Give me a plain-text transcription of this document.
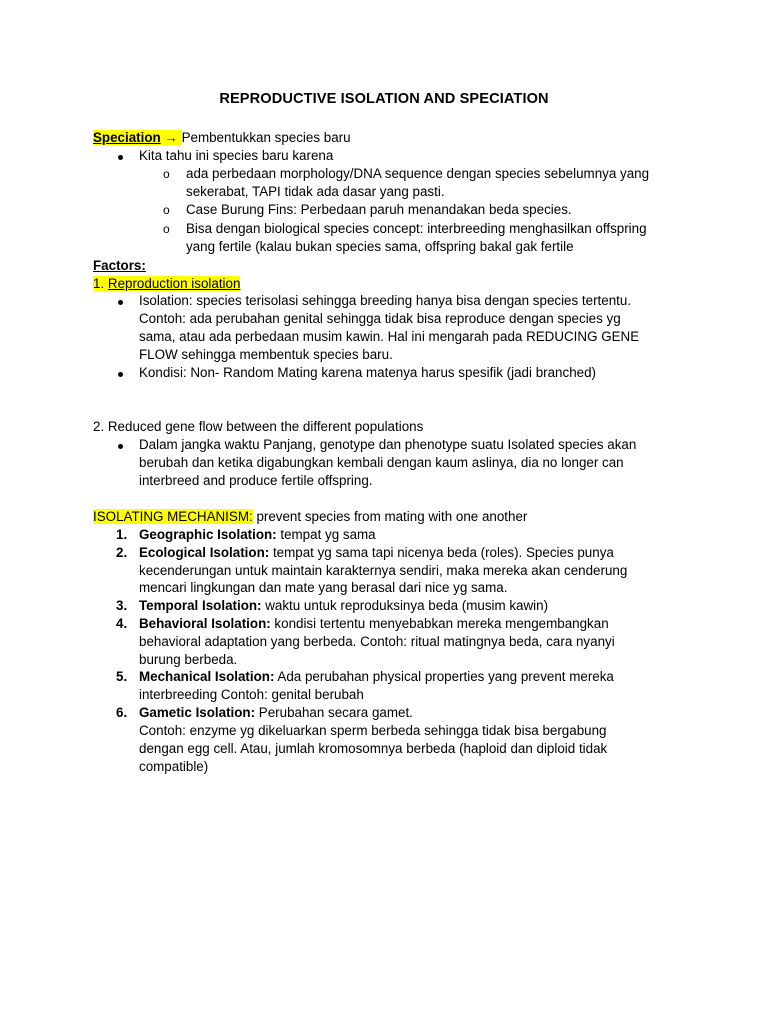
REPRODUCTIVE ISOLATION AND SPECIATION
Speciation → Pembentukkan species baru
Kita tahu ini species baru karena
o ada perbedaan morphology/DNA sequence dengan species sebelumnya yang
sekerabat, TAPI tidak ada dasar yang pasti.
o Case Burung Fins: Perbedaan paruh menandakan beda species.
o Bisa dengan biological species concept: interbreeding menghasilkan offspring
yang fertile (kalau bukan species sama, offspring bakal gak fertile
Factors:
1. Reproduction isolation
Isolation: species terisolasi sehingga breeding hanya bisa dengan species tertentu.
Contoh: ada perubahan genital sehingga tidak bisa reproduce dengan species yg
sama, atau ada perbedaan musim kawin. Hal ini mengarah pada REDUCING GENE
FLOW sehingga membentuk species baru.
Kondisi: Non- Random Mating karena matenya harus spesifik (jadi branched)
2. Reduced gene flow between the different populations
Dalam jangka waktu Panjang, genotype dan phenotype suatu Isolated species akan
berubah dan ketika digabungkan kembali dengan kaum aslinya, dia no longer can
interbreed and produce fertile offspring.
ISOLATING MECHANISM: prevent species from mating with one another
1. Geographic Isolation: tempat yg sama
2. Ecological Isolation: tempat yg sama tapi nicenya beda (roles). Species punya
kecenderungan untuk maintain karakternya sendiri, maka mereka akan cenderung
mencari lingkungan dan mate yang berasal dari nice yg sama.
3. Temporal Isolation: waktu untuk reproduksinya beda (musim kawin)
4. Behavioral Isolation: kondisi tertentu menyebabkan mereka mengembangkan
behavioral adaptation yang berbeda. Contoh: ritual matingnya beda, cara nyanyi
burung berbeda.
5. Mechanical Isolation: Ada perubahan physical properties yang prevent mereka
interbreeding Contoh: genital berubah
6. Gametic Isolation: Perubahan secara gamet.
Contoh: enzyme yg dikeluarkan sperm berbeda sehingga tidak bisa bergabung
dengan egg cell. Atau, jumlah kromosomnya berbeda (haploid dan diploid tidak
compatible)
